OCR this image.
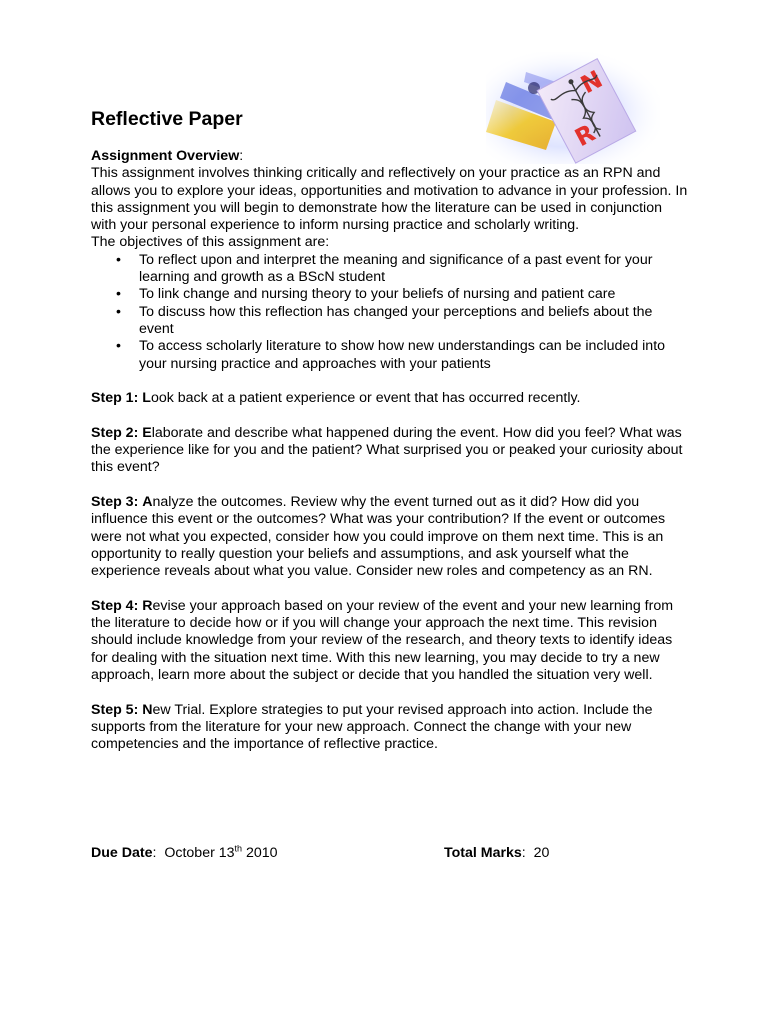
R
N
Reflective Paper

Assignment Overview:

This assignment involves thinking critically and reflectively on your practice as an RPN and allows you to explore your ideas, opportunities and motivation to advance in your profession. In this assignment you will begin to demonstrate how the literature can be used in conjunction with your personal experience to inform nursing practice and scholarly writing.

The objectives of this assignment are:

• To reflect upon and interpret the meaning and significance of a past event for your learning and growth as a BScN student
• To link change and nursing theory to your beliefs of nursing and patient care
• To discuss how this reflection has changed your perceptions and beliefs about the event
• To access scholarly literature to show how new understandings can be included into your nursing practice and approaches with your patients

Step 1: Look back at a patient experience or event that has occurred recently.

Step 2: Elaborate and describe what happened during the event. How did you feel? What was the experience like for you and the patient? What surprised you or peaked your curiosity about this event?

Step 3: Analyze the outcomes. Review why the event turned out as it did? How did you influence this event or the outcomes? What was your contribution? If the event or outcomes were not what you expected, consider how you could improve on them next time. This is an opportunity to really question your beliefs and assumptions, and ask yourself what the experience reveals about what you value. Consider new roles and competency as an RN.

Step 4: Revise your approach based on your review of the event and your new learning from the literature to decide how or if you will change your approach the next time. This revision should include knowledge from your review of the research, and theory texts to identify ideas for dealing with the situation next time. With this new learning, you may decide to try a new approach, learn more about the subject or decide that you handled the situation very well.

Step 5: New Trial. Explore strategies to put your revised approach into action. Include the supports from the literature for your new approach. Connect the change with your new competencies and the importance of reflective practice.

Due Date: October 13th 2010	Total Marks: 20
